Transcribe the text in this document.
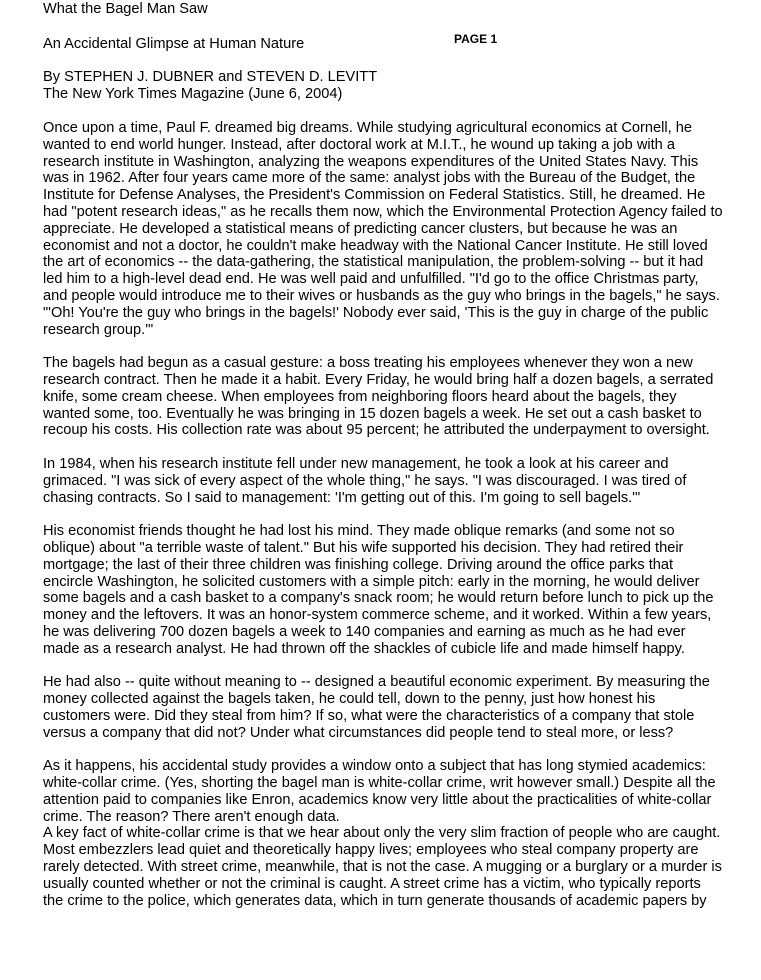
PAGE 1
What the Bagel Man Saw
An Accidental Glimpse at Human Nature
By STEPHEN J. DUBNER and STEVEN D. LEVITT
The New York Times Magazine (June 6, 2004)
Once upon a time, Paul F. dreamed big dreams. While studying agricultural economics at Cornell, he
wanted to end world hunger. Instead, after doctoral work at M.I.T., he wound up taking a job with a
research institute in Washington, analyzing the weapons expenditures of the United States Navy. This
was in 1962. After four years came more of the same: analyst jobs with the Bureau of the Budget, the
Institute for Defense Analyses, the President's Commission on Federal Statistics. Still, he dreamed. He
had "potent research ideas," as he recalls them now, which the Environmental Protection Agency failed to
appreciate. He developed a statistical means of predicting cancer clusters, but because he was an
economist and not a doctor, he couldn't make headway with the National Cancer Institute. He still loved
the art of economics -- the data-gathering, the statistical manipulation, the problem-solving -- but it had
led him to a high-level dead end. He was well paid and unfulfilled. "I'd go to the office Christmas party,
and people would introduce me to their wives or husbands as the guy who brings in the bagels," he says.
"'Oh! You're the guy who brings in the bagels!' Nobody ever said, 'This is the guy in charge of the public
research group.'"
The bagels had begun as a casual gesture: a boss treating his employees whenever they won a new
research contract. Then he made it a habit. Every Friday, he would bring half a dozen bagels, a serrated
knife, some cream cheese. When employees from neighboring floors heard about the bagels, they
wanted some, too. Eventually he was bringing in 15 dozen bagels a week. He set out a cash basket to
recoup his costs. His collection rate was about 95 percent; he attributed the underpayment to oversight.
In 1984, when his research institute fell under new management, he took a look at his career and
grimaced. "I was sick of every aspect of the whole thing," he says. "I was discouraged. I was tired of
chasing contracts. So I said to management: 'I'm getting out of this. I'm going to sell bagels.'"
His economist friends thought he had lost his mind. They made oblique remarks (and some not so
oblique) about "a terrible waste of talent." But his wife supported his decision. They had retired their
mortgage; the last of their three children was finishing college. Driving around the office parks that
encircle Washington, he solicited customers with a simple pitch: early in the morning, he would deliver
some bagels and a cash basket to a company's snack room; he would return before lunch to pick up the
money and the leftovers. It was an honor-system commerce scheme, and it worked. Within a few years,
he was delivering 700 dozen bagels a week to 140 companies and earning as much as he had ever
made as a research analyst. He had thrown off the shackles of cubicle life and made himself happy.
He had also -- quite without meaning to -- designed a beautiful economic experiment. By measuring the
money collected against the bagels taken, he could tell, down to the penny, just how honest his
customers were. Did they steal from him? If so, what were the characteristics of a company that stole
versus a company that did not? Under what circumstances did people tend to steal more, or less?
As it happens, his accidental study provides a window onto a subject that has long stymied academics:
white-collar crime. (Yes, shorting the bagel man is white-collar crime, writ however small.) Despite all the
attention paid to companies like Enron, academics know very little about the practicalities of white-collar
crime. The reason? There aren't enough data.
A key fact of white-collar crime is that we hear about only the very slim fraction of people who are caught.
Most embezzlers lead quiet and theoretically happy lives; employees who steal company property are
rarely detected. With street crime, meanwhile, that is not the case. A mugging or a burglary or a murder is
usually counted whether or not the criminal is caught. A street crime has a victim, who typically reports
the crime to the police, which generates data, which in turn generate thousands of academic papers by
